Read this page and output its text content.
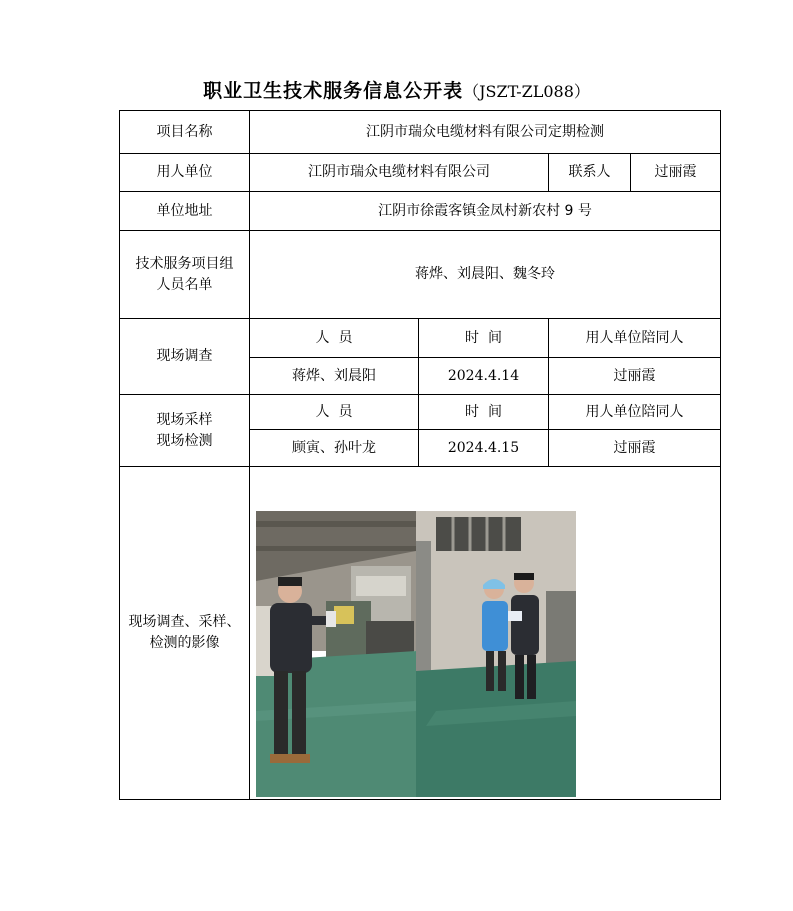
职业卫生技术服务信息公开表（JSZT-ZL088）
项目名称	江阴市瑞众电缆材料有限公司定期检测			
用人单位	江阴市瑞众电缆材料有限公司		联系人	过丽霞
单位地址	江阴市徐霞客镇金凤村新农村 9 号			

技术服务项目组
人员名单	蒋烨、刘晨阳、魏冬玲			
现场调查	人  员	时  间	用人单位陪同人	
	蒋烨、刘晨阳	2024.4.14	过丽霞	

现场采样
现场检测	人  员	时  间	用人单位陪同人	
	顾寅、孙叶龙	2024.4.15	过丽霞	

现场调查、采样、
检测的影像
